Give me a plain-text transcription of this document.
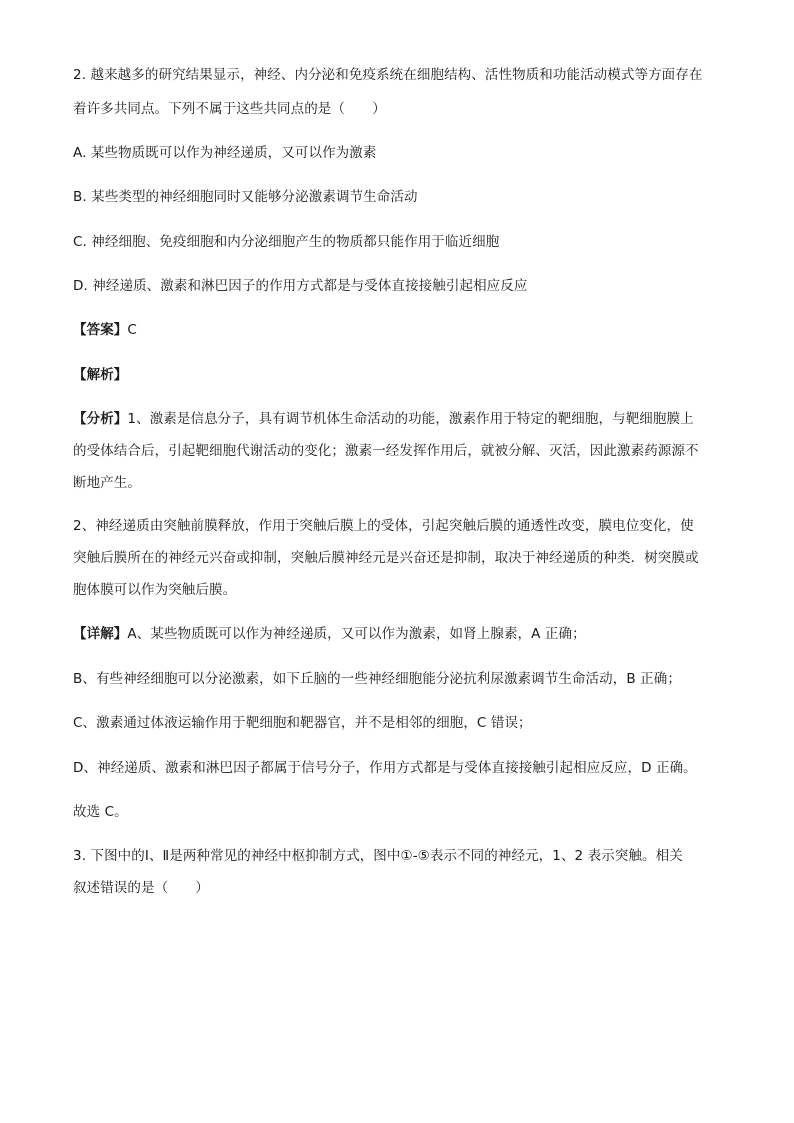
2. 越来越多的研究结果显示，神经、内分泌和免疫系统在细胞结构、活性物质和功能活动模式等方面存在
着许多共同点。下列不属于这些共同点的是（　　）
A. 某些物质既可以作为神经递质，又可以作为激素
B. 某些类型的神经细胞同时又能够分泌激素调节生命活动
C. 神经细胞、免疫细胞和内分泌细胞产生的物质都只能作用于临近细胞
D. 神经递质、激素和淋巴因子的作用方式都是与受体直接接触引起相应反应
【答案】C
【解析】
【分析】1、激素是信息分子，具有调节机体生命活动的功能，激素作用于特定的靶细胞，与靶细胞膜上
的受体结合后，引起靶细胞代谢活动的变化；激素一经发挥作用后，就被分解、灭活，因此激素药源源不
断地产生。
2、神经递质由突触前膜释放，作用于突触后膜上的受体，引起突触后膜的通透性改变，膜电位变化，使
突触后膜所在的神经元兴奋或抑制，突触后膜神经元是兴奋还是抑制，取决于神经递质的种类．树突膜或
胞体膜可以作为突触后膜。
【详解】A、某些物质既可以作为神经递质，又可以作为激素，如肾上腺素，A 正确；
B、有些神经细胞可以分泌激素，如下丘脑的一些神经细胞能分泌抗利尿激素调节生命活动，B 正确；
C、激素通过体液运输作用于靶细胞和靶器官，并不是相邻的细胞，C 错误；
D、神经递质、激素和淋巴因子都属于信号分子，作用方式都是与受体直接接触引起相应反应，D 正确。
故选 C。
3. 下图中的Ⅰ、Ⅱ是两种常见的神经中枢抑制方式，图中①-⑤表示不同的神经元，1、2 表示突触。相关
叙述错误的是（　　）
